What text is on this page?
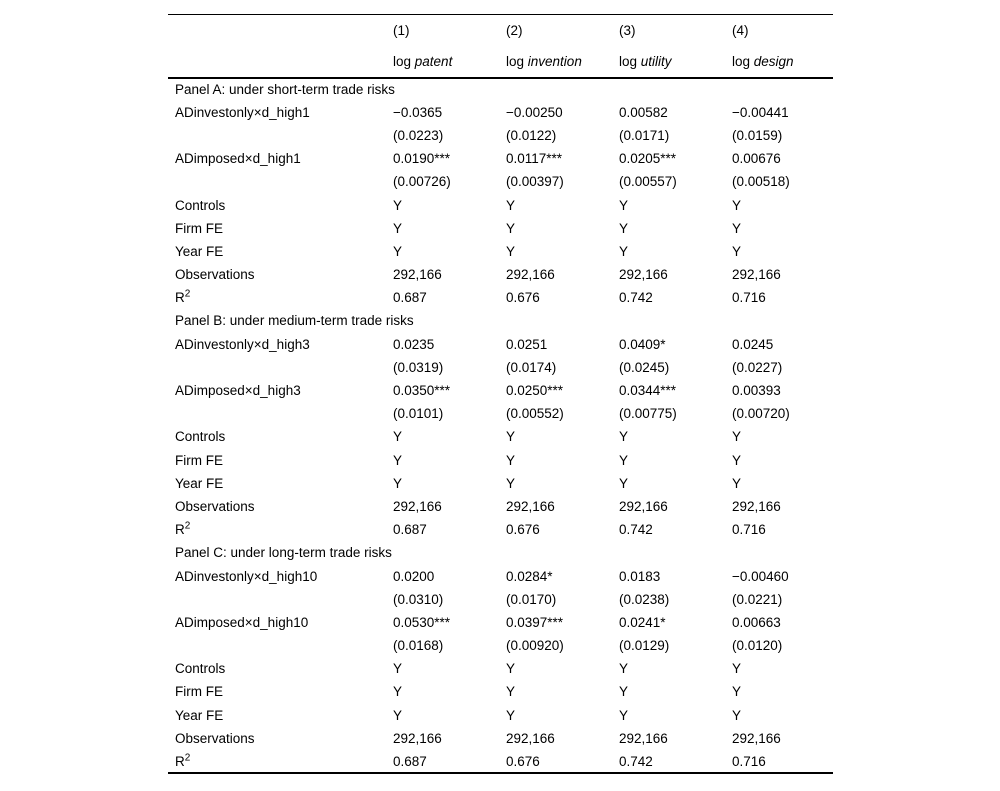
	(1)	(2)	(3)	(4)
	log patent	log invention	log utility	log design
Panel A: under short-term trade risks				
ADinvestonly×d_high1	−0.0365	−0.00250	0.00582	−0.00441
	(0.0223)	(0.0122)	(0.0171)	(0.0159)
ADimposed×d_high1	0.0190***	0.0117***	0.0205***	0.00676
	(0.00726)	(0.00397)	(0.00557)	(0.00518)
Controls	Y	Y	Y	Y
Firm FE	Y	Y	Y	Y
Year FE	Y	Y	Y	Y
Observations	292,166	292,166	292,166	292,166
$R^2$	0.687	0.676	0.742	0.716
Panel B: under medium-term trade risks				
ADinvestonly×d_high3	0.0235	0.0251	0.0409*	0.0245
	(0.0319)	(0.0174)	(0.0245)	(0.0227)
ADimposed×d_high3	0.0350***	0.0250***	0.0344***	0.00393
	(0.0101)	(0.00552)	(0.00775)	(0.00720)
Controls	Y	Y	Y	Y
Firm FE	Y	Y	Y	Y
Year FE	Y	Y	Y	Y
Observations	292,166	292,166	292,166	292,166
$R^2$	0.687	0.676	0.742	0.716
Panel C: under long-term trade risks				
ADinvestonly×d_high10	0.0200	0.0284*	0.0183	−0.00460
	(0.0310)	(0.0170)	(0.0238)	(0.0221)
ADimposed×d_high10	0.0530***	0.0397***	0.0241*	0.00663
	(0.0168)	(0.00920)	(0.0129)	(0.0120)
Controls	Y	Y	Y	Y
Firm FE	Y	Y	Y	Y
Year FE	Y	Y	Y	Y
Observations	292,166	292,166	292,166	292,166
$R^2$	0.687	0.676	0.742	0.716
